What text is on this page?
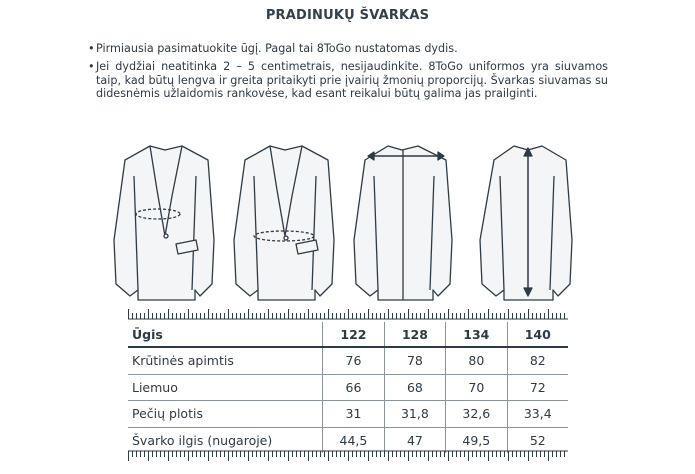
PRADINUKŲ ŠVARKAS
• Pirmiausia pasimatuokite ūgį. Pagal tai 8ToGo nustatomas dydis.
• Jei dydžiai neatitinka 2 – 5 centimetrais, nesijaudinkite. 8ToGo uniformos yra siuvamos taip, kad būtų lengva ir greita pritaikyti prie įvairių žmonių proporcijų. Švarkas siuvamas su didesnėmis užlaidomis rankovėse, kad esant reikalui būtų galima jas prailginti.
Ūgis	122	128	134	140
Krūtinės apimtis	76	78	80	82
Liemuo	66	68	70	72
Pečių plotis	31	31,8	32,6	33,4
Švarko ilgis (nugaroje)	44,5	47	49,5	52
